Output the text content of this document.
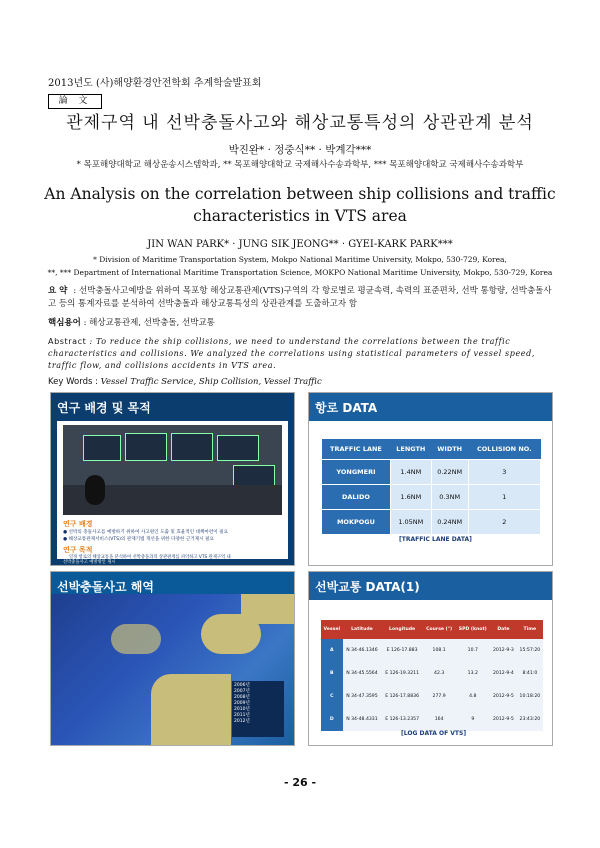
2013년도 (사)해양환경안전학회 추계학술발표회
論 文
관제구역 내 선박충돌사고와 해상교통특성의 상관관계 분석
박진완* · 정중식** · 박계각***
* 목포해양대학교 해상운송시스템학과, ** 목포해양대학교 국제해사수송과학부, *** 목포해양대학교 국제해사수송과학부
An Analysis on the correlation between ship collisions and traffic characteristics in VTS area
JIN WAN PARK* · JUNG SIK JEONG** · GYEI-KARK PARK***
* Division of Maritime Transportation System, Mokpo National Maritime University, Mokpo, 530-729, Korea,
**, *** Department of International Maritime Transportation Science, MOKPO National Maritime University, Mokpo, 530-729, Korea
요 약 : 선박충돌사고예방을 위하여 목포항 해상교통관제(VTS)구역의 각 항로별로 평균속력, 속력의 표준편차, 선박 통항량, 선박충돌사고 등의 통계자료를 분석하여 선박충돌과 해상교통특성의 상관관계를 도출하고자 함
핵심용어 : 해상교통관제, 선박충돌, 선박교통
Abstract : To reduce the ship collisions, we need to understand the correlations between the traffic characteristics and collisions. We analyzed the correlations using statistical parameters of vessel speed, traffic flow, and collisions accidents in VTS area.
Key Words : Vessel Traffic Service, Ship Collision, Vessel Traffic
연구 배경 및 목적
연구 배경
● 선박의 충돌사고를 예방하기 위하여 사고원인 도출 및 효율적인 대책마련이 필요
● 해상교통관제서비스(VTS)의 관제기법 개선을 위한 다양한 근거제시 필요
연구 목적
일정 항로의 해상교통을 분석하여 선박충돌과의 상관관계를 파악하고 VTS 관제구역 내
선박충돌사고 예방방안 제시
항로 DATA
TRAFFIC LANE	LENGTH	WIDTH	COLLISION NO.
YONGMERI	1.4NM	0.22NM	3
DALIDO	1.6NM	0.3NM	1
MOKPOGU	1.05NM	0.24NM	2
[TRAFFIC LANE DATA]
선박충돌사고 해역
2006년
2007년
2008년
2009년
2010년
2011년
2012년
선박교통 DATA(1)
Vessel	Latitude	Longitude	Course (°)	SPD (knot)	Date	Time
A	N 34-46.1346	E 126-17.883	108.1	10.7	2012-9-3	15:57:20
B	N 34-45.5564	E 126-19.3211	42.3	13.2	2012-9-4	8:41:0
C	N 34-47.3595	E 126-17.8836	277.9	4.8	2012-9-5	10:18:20
D	N 34-48.4331	E 126-13.2357	164	9	2012-9-5	23:43:20
[LOG DATA OF VTS]
- 26 -
